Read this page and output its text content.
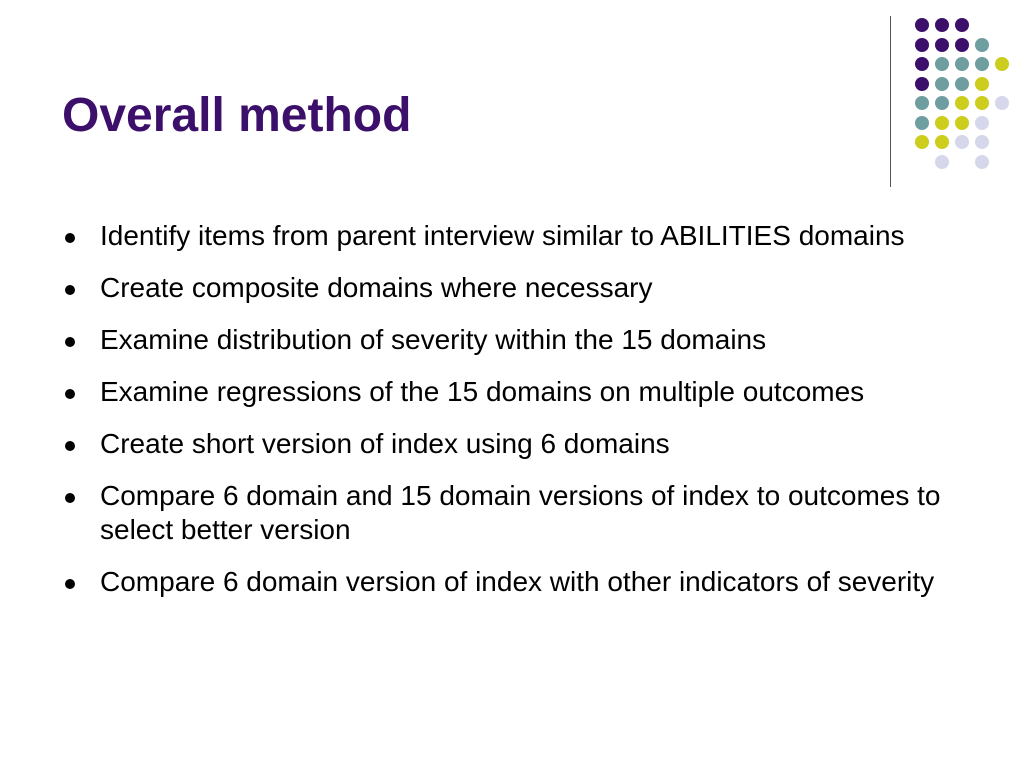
Overall method
Identify items from parent interview similar to ABILITIES domains
Create composite domains where necessary
Examine distribution of severity within the 15 domains
Examine regressions of the 15 domains on multiple outcomes
Create short version of index using 6 domains
Compare 6 domain and 15 domain versions of index to outcomes to select better version
Compare 6 domain version of index with other indicators of severity
